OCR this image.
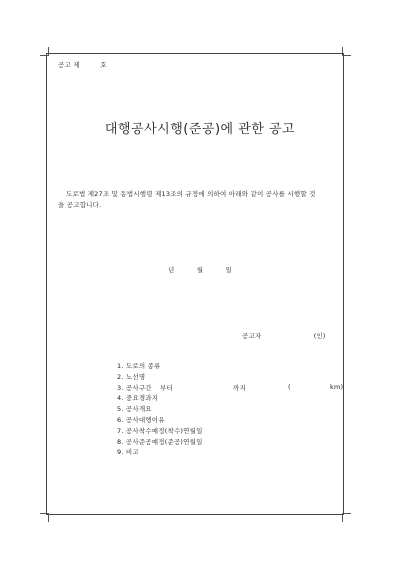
공고 제	호
대행공사시행(준공)에 관한 공고
도로법 제27조 및 동법시행령 제13조의 규정에 의하여 아래와 같이 공사를 시행할 것
을 공고합니다.
년	월	일
공고자	(인)
1. 도로의 종류
2. 노선명
3. 공사구간
4. 중요경과지
5. 공사개요
6. 공사대행이유
7. 공사착수예정(착수)연월일
8. 공사준공예정(준공)연월일
9. 비고
부터	까지	(	km)
